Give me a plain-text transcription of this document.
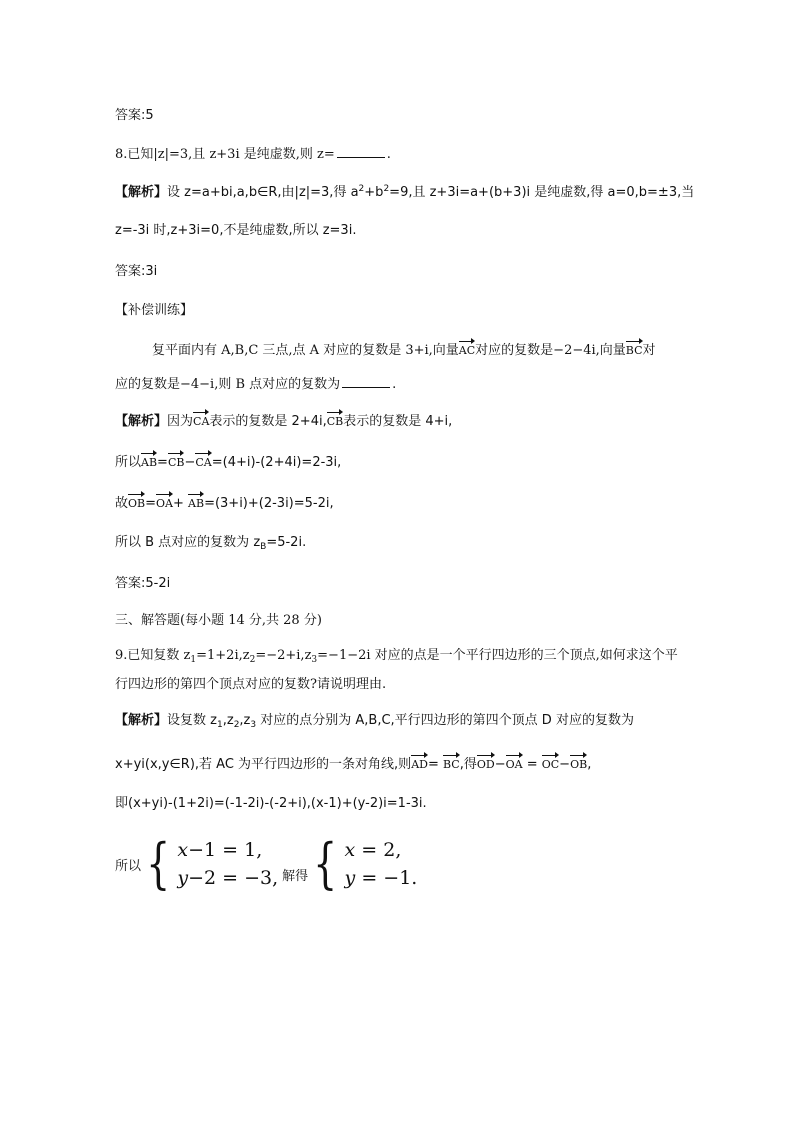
答案:5
8.已知|z|=3,且 z+3i 是纯虚数,则 z=	.
【解析】设 z=a+bi,a,b∈R,由|z|=3,得 $a^2+b^2=9$,且 z+3i=a+(b+3)i 是纯虚数,得 a=0,b=±3,当
z=-3i 时,z+3i=0,不是纯虚数,所以 z=3i.
答案:3i
【补偿训练】
复平面内有 A,B,C 三点,点 A 对应的复数是 3+i,向量AC对应的复数是−2−4i,向量BC对
应的复数是−4−i,则 B 点对应的复数为	.
【解析】因为CA表示的复数是 2+4i,CB表示的复数是 4+i,
所以AB=CB−CA=(4+i)-(2+4i)=2-3i,
故OB=OA+ AB=(3+i)+(2-3i)=5-2i,
所以 B 点对应的复数为 $z_B=5-2i$.
答案:5-2i
三、解答题(每小题 14 分,共 28 分)
9.已知复数 $z_1=1+2i,z_2=-2+i,z_3=-1-2i$ 对应的点是一个平行四边形的三个顶点,如何求这个平
行四边形的第四个顶点对应的复数?请说明理由.
【解析】设复数 $z_1,z_2,z_3$ 对应的点分别为 A,B,C,平行四边形的第四个顶点 D 对应的复数为
x+yi(x,y∈R),若 AC 为平行四边形的一条对角线,则AD= BC,得OD−OA = OC−OB,
即(x+yi)-(1+2i)=(-1-2i)-(-2+i),(x-1)+(y-2)i=1-3i.
所以 { x−1 = 1,
y−2 = −3, 解得 { x = 2,
y = −1.
